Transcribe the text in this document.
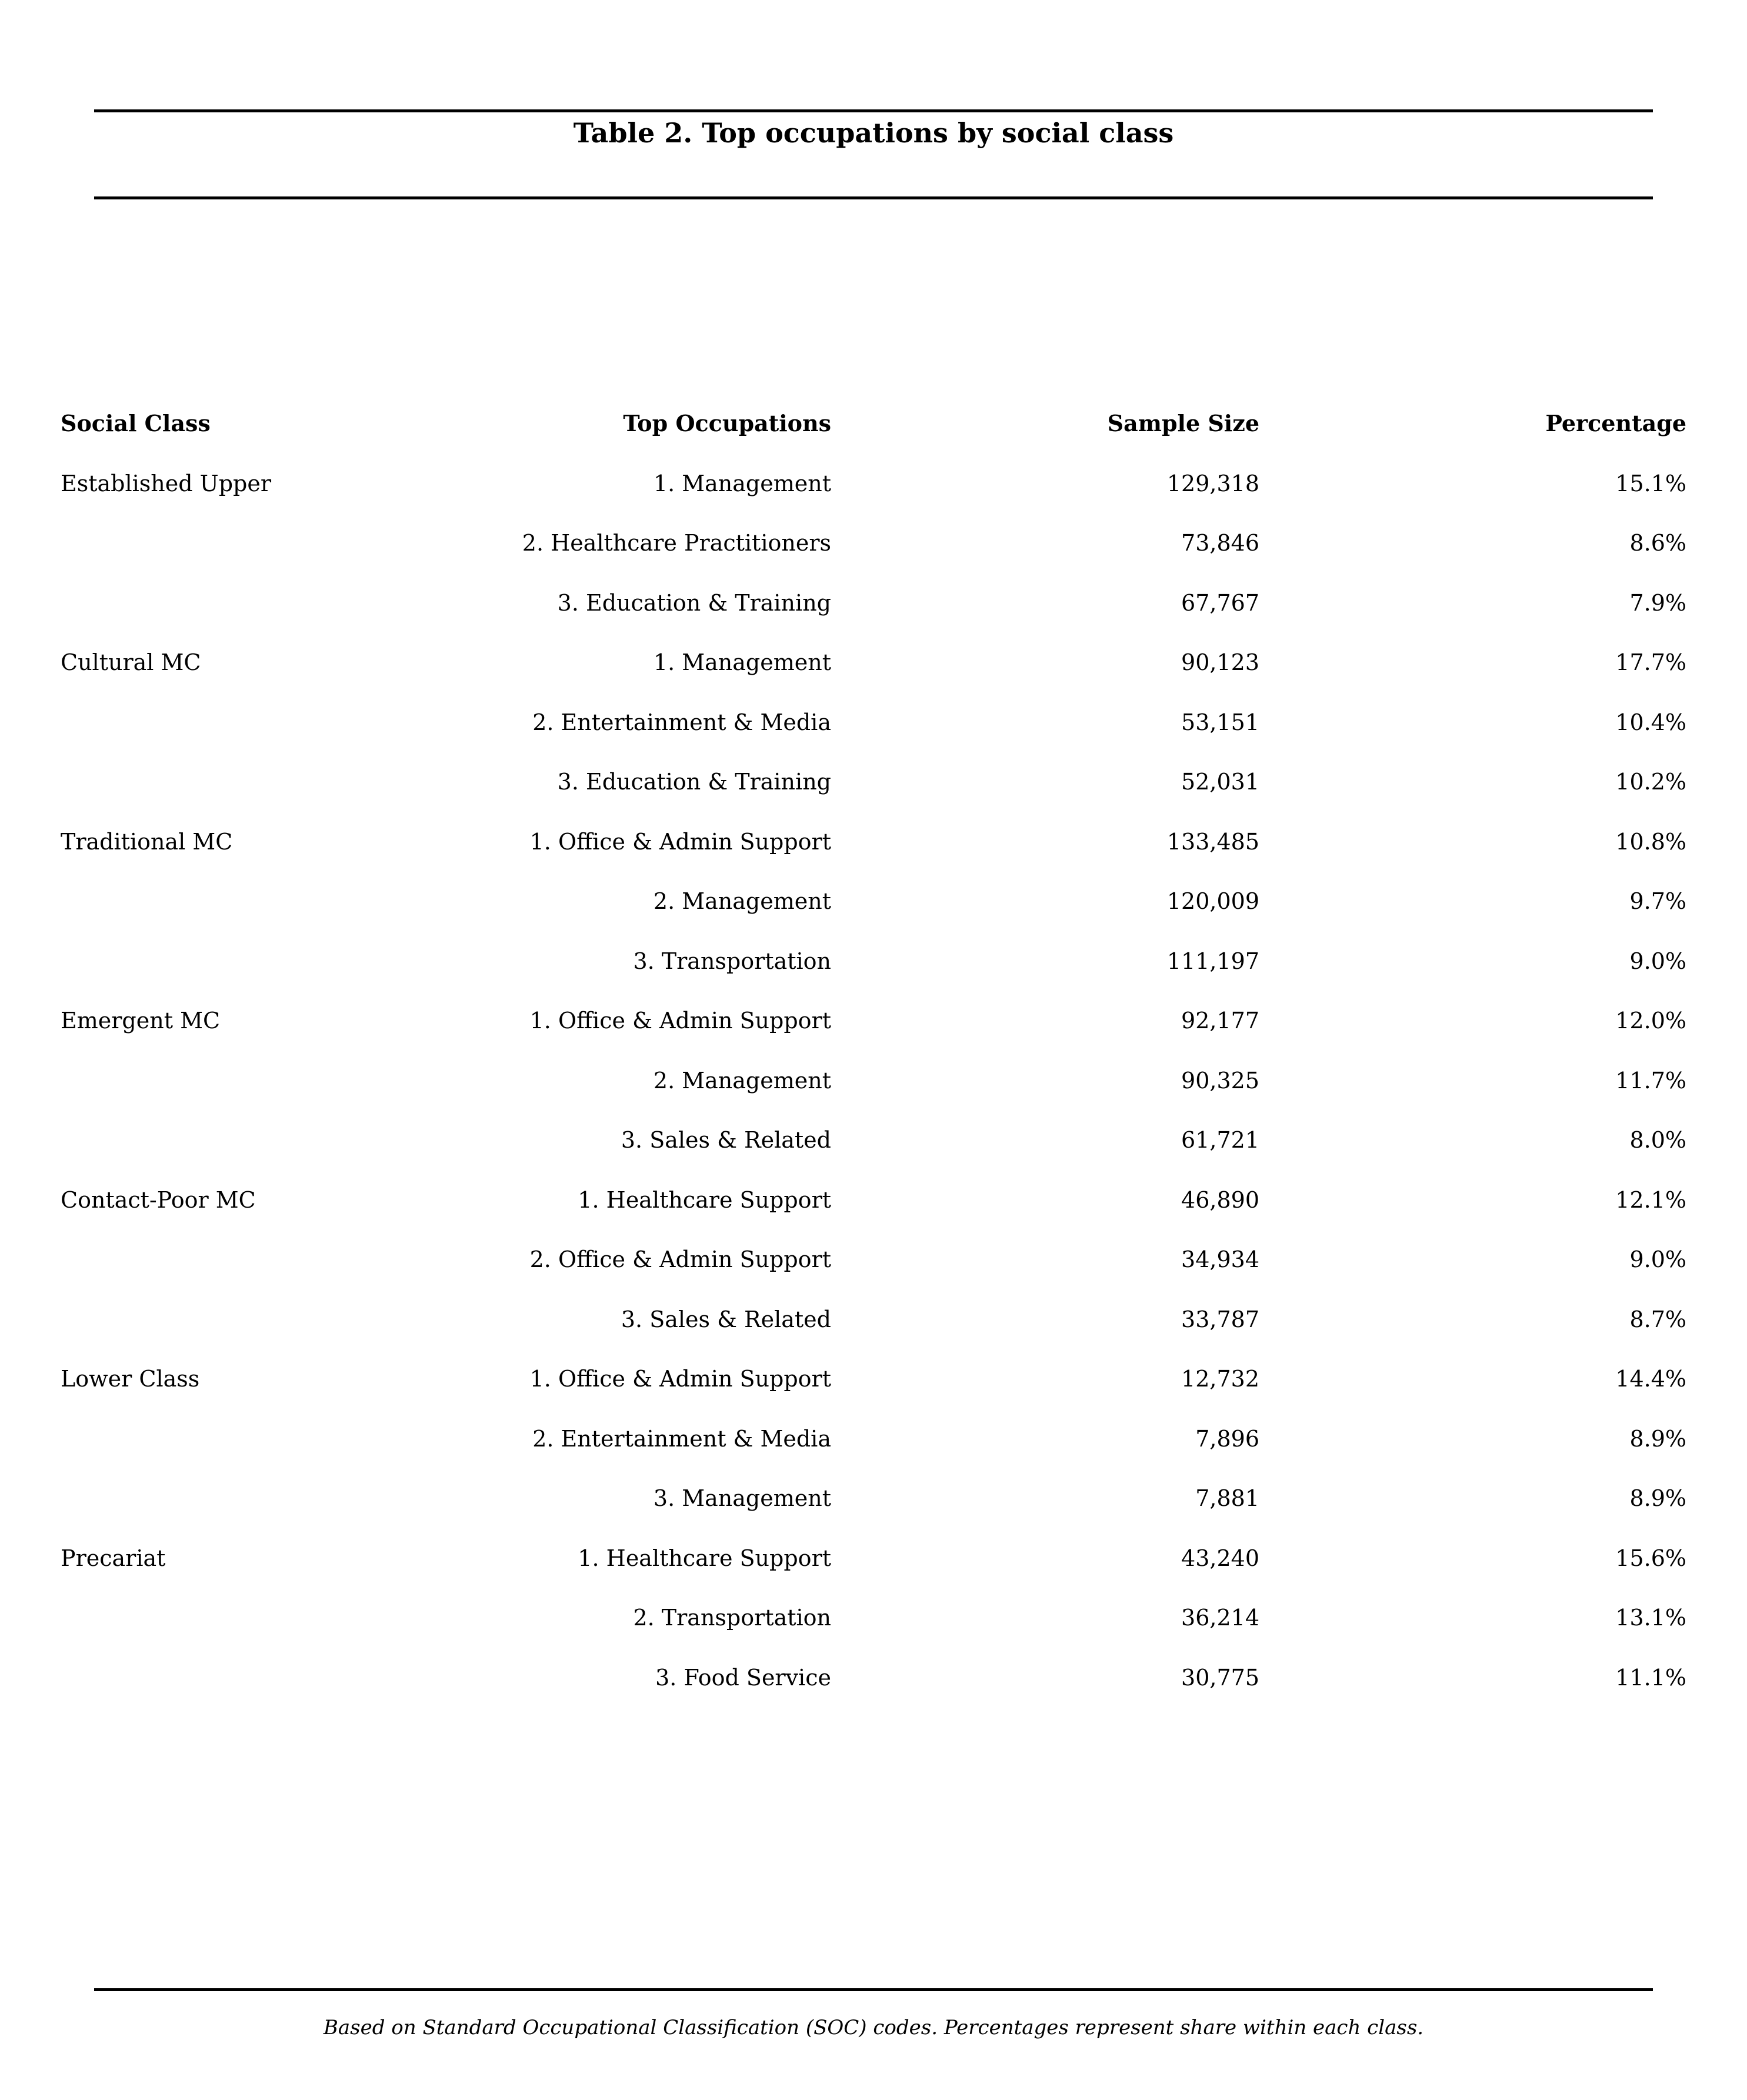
Table 2. Top occupations by social class
Social Class	Top Occupations	Sample Size	Percentage
Established Upper	1. Management	129,318	15.1%
2. Healthcare Practitioners	73,846	8.6%
3. Education & Training	67,767	7.9%
Cultural MC	1. Management	90,123	17.7%
2. Entertainment & Media	53,151	10.4%
3. Education & Training	52,031	10.2%
Traditional MC	1. Office & Admin Support	133,485	10.8%
2. Management	120,009	9.7%
3. Transportation	111,197	9.0%
Emergent MC	1. Office & Admin Support	92,177	12.0%
2. Management	90,325	11.7%
3. Sales & Related	61,721	8.0%
Contact-Poor MC	1. Healthcare Support	46,890	12.1%
2. Office & Admin Support	34,934	9.0%
3. Sales & Related	33,787	8.7%
Lower Class	1. Office & Admin Support	12,732	14.4%
2. Entertainment & Media	7,896	8.9%
3. Management	7,881	8.9%
Precariat	1. Healthcare Support	43,240	15.6%
2. Transportation	36,214	13.1%
3. Food Service	30,775	11.1%
Based on Standard Occupational Classification (SOC) codes. Percentages represent share within each class.
